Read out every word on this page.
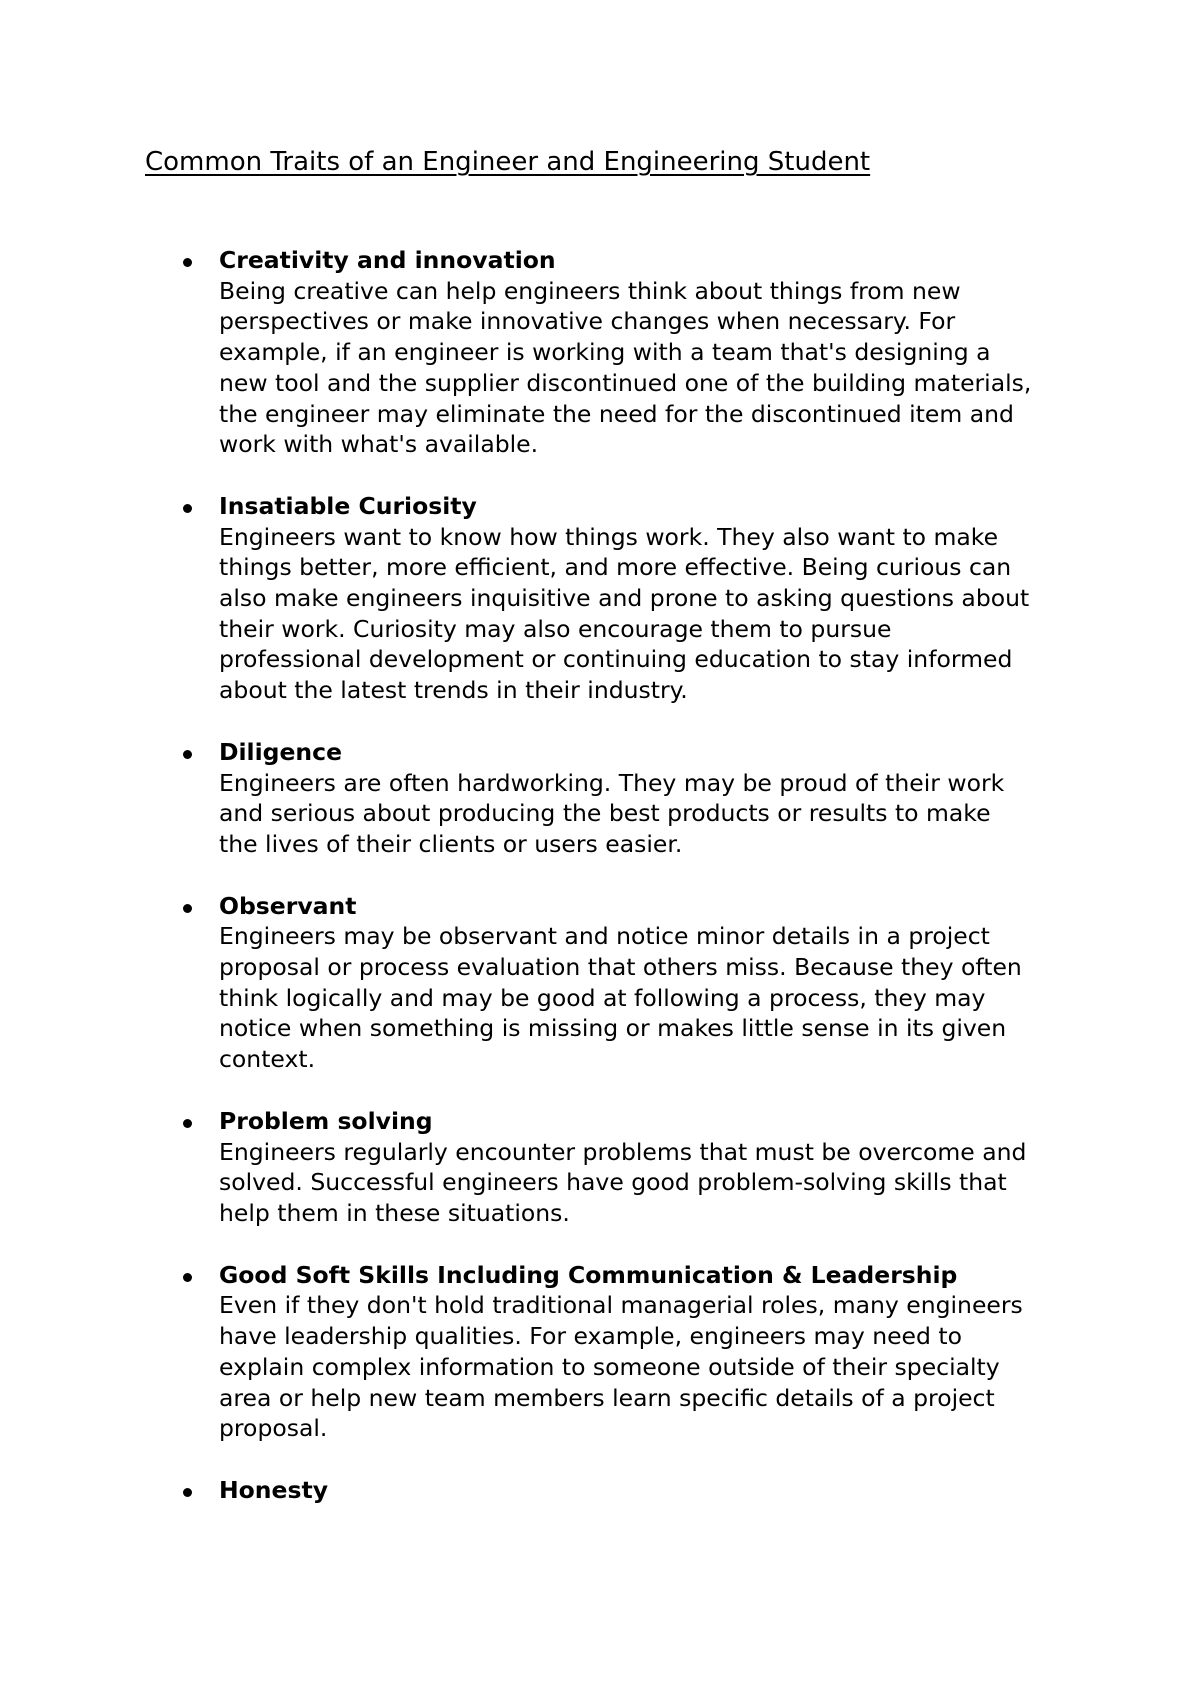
Common Traits of an Engineer and Engineering Student
Creativity and innovation
Being creative can help engineers think about things from new
perspectives or make innovative changes when necessary. For
example, if an engineer is working with a team that's designing a
new tool and the supplier discontinued one of the building materials,
the engineer may eliminate the need for the discontinued item and
work with what's available.
Insatiable Curiosity
Engineers want to know how things work. They also want to make
things better, more efficient, and more effective. Being curious can
also make engineers inquisitive and prone to asking questions about
their work. Curiosity may also encourage them to pursue
professional development or continuing education to stay informed
about the latest trends in their industry.
Diligence
Engineers are often hardworking. They may be proud of their work
and serious about producing the best products or results to make
the lives of their clients or users easier.
Observant
Engineers may be observant and notice minor details in a project
proposal or process evaluation that others miss. Because they often
think logically and may be good at following a process, they may
notice when something is missing or makes little sense in its given
context.
Problem solving
Engineers regularly encounter problems that must be overcome and
solved. Successful engineers have good problem-solving skills that
help them in these situations.
Good Soft Skills Including Communication & Leadership
Even if they don't hold traditional managerial roles, many engineers
have leadership qualities. For example, engineers may need to
explain complex information to someone outside of their specialty
area or help new team members learn specific details of a project
proposal.
Honesty
